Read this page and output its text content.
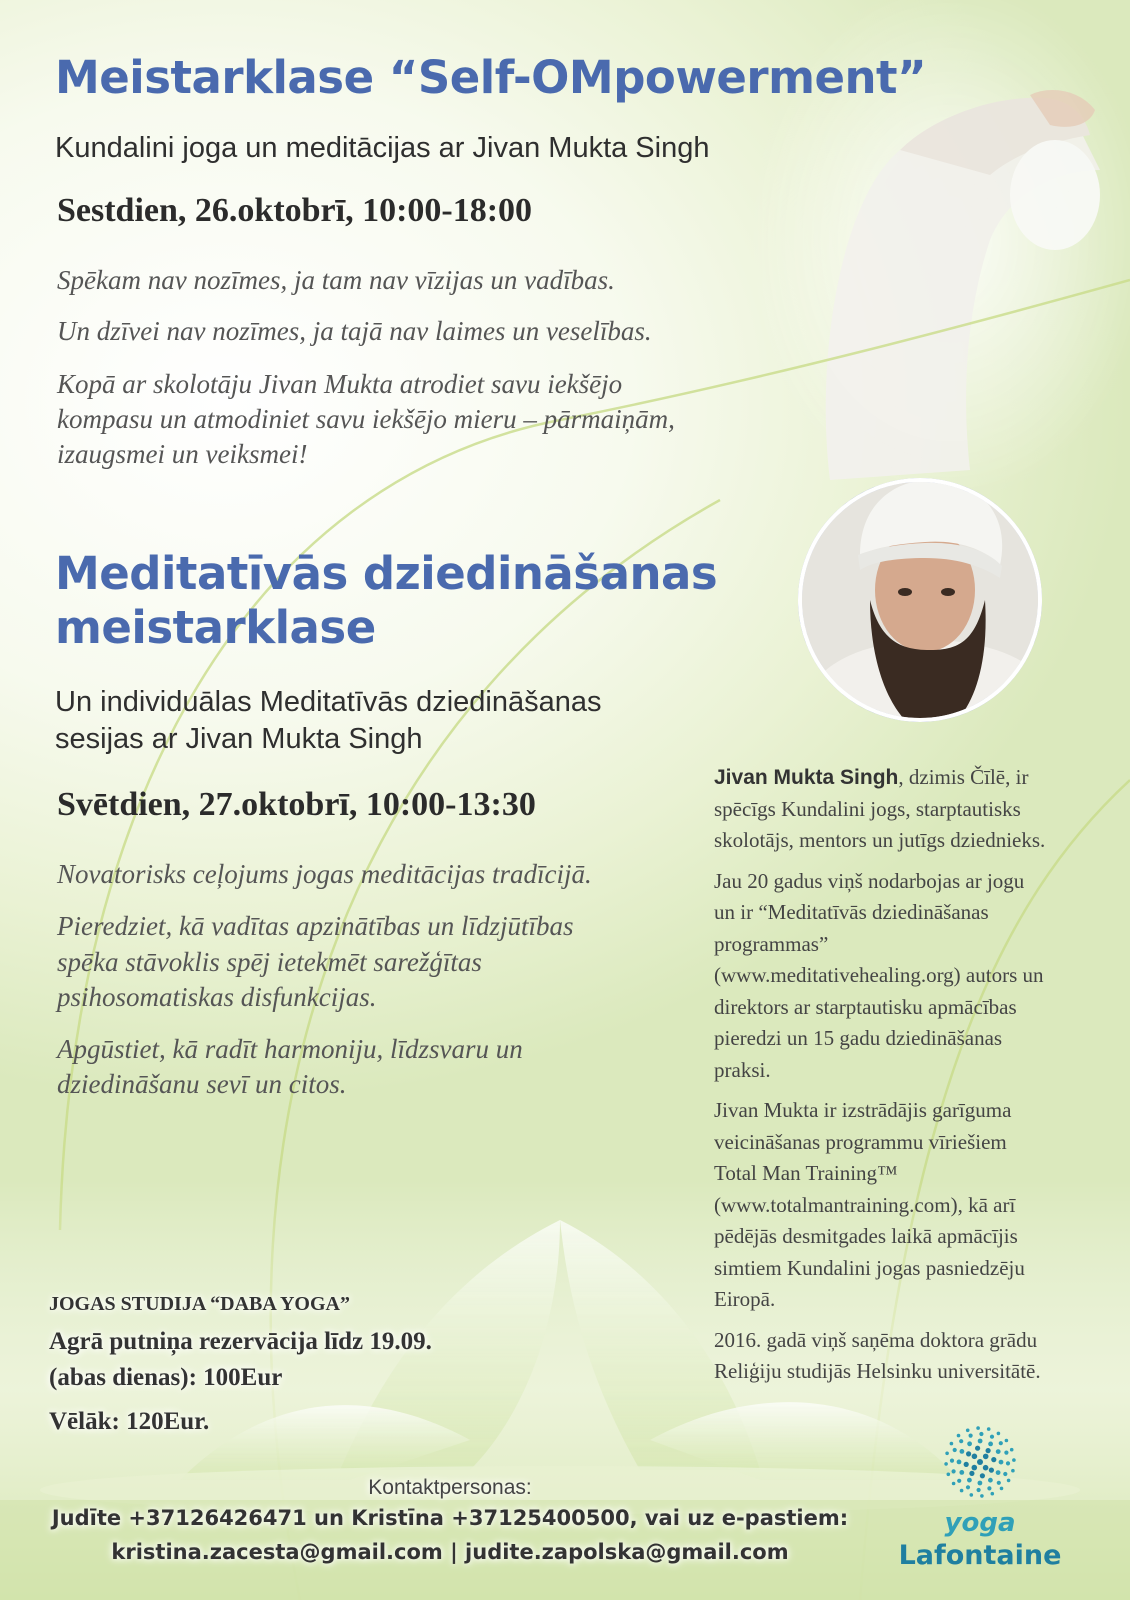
Meistarklase “Self-OMpowerment”
Kundalini joga un meditācijas ar Jivan Mukta Singh
Sestdien, 26.oktobrī, 10:00-18:00
Spēkam nav nozīmes, ja tam nav vīzijas un vadības.
Un dzīvei nav nozīmes, ja tajā nav laimes un veselības.
Kopā ar skolotāju Jivan Mukta atrodiet savu iekšējo
kompasu un atmodiniet savu iekšējo mieru – pārmaiņām,
izaugsmei un veiksmei!
Meditatīvās dziedināšanas
meistarklase
Un individuālas Meditatīvās dziedināšanas
sesijas ar Jivan Mukta Singh
Svētdien, 27.oktobrī, 10:00-13:30
Novatorisks ceļojums jogas meditācijas tradīcijā.
Pieredziet, kā vadītas apzinātības un līdzjūtības
spēka stāvoklis spēj ietekmēt sarežģītas
psihosomatiskas disfunkcijas.
Apgūstiet, kā radīt harmoniju, līdzsvaru un
dziedināšanu sevī un citos.
Jivan Mukta Singh, dzimis Čīlē, ir
spēcīgs Kundalini jogs, starptautisks
skolotājs, mentors un jutīgs dziednieks.
Jau 20 gadus viņš nodarbojas ar jogu
un ir “Meditatīvās dziedināšanas
programmas”
(www.meditativehealing.org) autors un
direktors ar starptautisku apmācības
pieredzi un 15 gadu dziedināšanas
praksi.
Jivan Mukta ir izstrādājis garīguma
veicināšanas programmu vīriešiem
Total Man Training™
(www.totalmantraining.com), kā arī
pēdējās desmitgades laikā apmācījis
simtiem Kundalini jogas pasniedzēju
Eiropā.
2016. gadā viņš saņēma doktora grādu
Reliģiju studijās Helsinku universitātē.
JOGAS STUDIJA “DABA YOGA”
Agrā putniņa rezervācija līdz 19.09.
(abas dienas): 100Eur
Vēlāk: 120Eur.
Kontaktpersonas:
Judīte +37126426471 un Kristīna +37125400500, vai uz e-pastiem:
kristina.zacesta@gmail.com | judite.zapolska@gmail.com
yoga
Lafontaine
